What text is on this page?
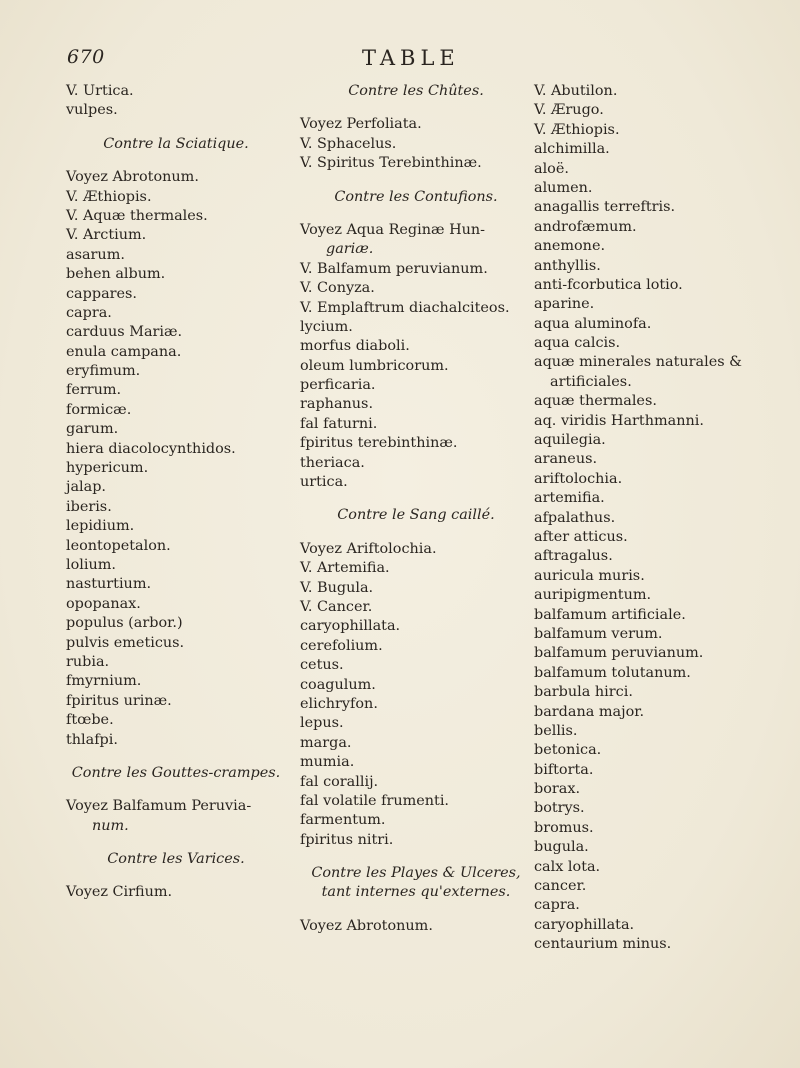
670	TABLE
V. Urtica.
vulpes.
Contre la Sciatique.
Voyez Abrotonum.
V. Æthiopis.
V. Aquæ thermales.
V. Arctium.
asarum.
behen album.
cappares.
capra.
carduus Mariæ.
enula campana.
eryfimum.
ferrum.
formicæ.
garum.
hiera diacolocynthidos.
hypericum.
jalap.
iberis.
lepidium.
leontopetalon.
lolium.
nasturtium.
opopanax.
populus (arbor.)
pulvis emeticus.
rubia.
fmyrnium.
fpiritus urinæ.
ftœbe.
thlafpi.
Contre les Gouttes-crampes.
Voyez Balfamum Peruvia-
num.
Contre les Varices.
Voyez Cirfium.
Contre les Chûtes.
Voyez Perfoliata.
V. Sphacelus.
V. Spiritus Terebinthinæ.
Contre les Contufions.
Voyez Aqua Reginæ Hun-
gariæ.
V. Balfamum peruvianum.
V. Conyza.
V. Emplaftrum diachalciteos.
lycium.
morfus diaboli.
oleum lumbricorum.
perficaria.
raphanus.
fal faturni.
fpiritus terebinthinæ.
theriaca.
urtica.
Contre le Sang caillé.
Voyez Ariftolochia.
V. Artemifia.
V. Bugula.
V. Cancer.
caryophillata.
cerefolium.
cetus.
coagulum.
elichryfon.
lepus.
marga.
mumia.
fal corallij.
fal volatile frumenti.
farmentum.
fpiritus nitri.
Contre les Playes & Ulceres,
tant internes qu'externes.
Voyez Abrotonum.
V. Abutilon.
V. Ærugo.
V. Æthiopis.
alchimilla.
aloë.
alumen.
anagallis terreftris.
androfæmum.
anemone.
anthyllis.
anti-fcorbutica lotio.
aparine.
aqua aluminofa.
aqua calcis.
aquæ minerales naturales &
artificiales.
aquæ thermales.
aq. viridis Harthmanni.
aquilegia.
araneus.
ariftolochia.
artemifia.
afpalathus.
after atticus.
aftragalus.
auricula muris.
auripigmentum.
balfamum artificiale.
balfamum verum.
balfamum peruvianum.
balfamum tolutanum.
barbula hirci.
bardana major.
bellis.
betonica.
biftorta.
borax.
botrys.
bromus.
bugula.
calx lota.
cancer.
capra.
caryophillata.
centaurium minus.
